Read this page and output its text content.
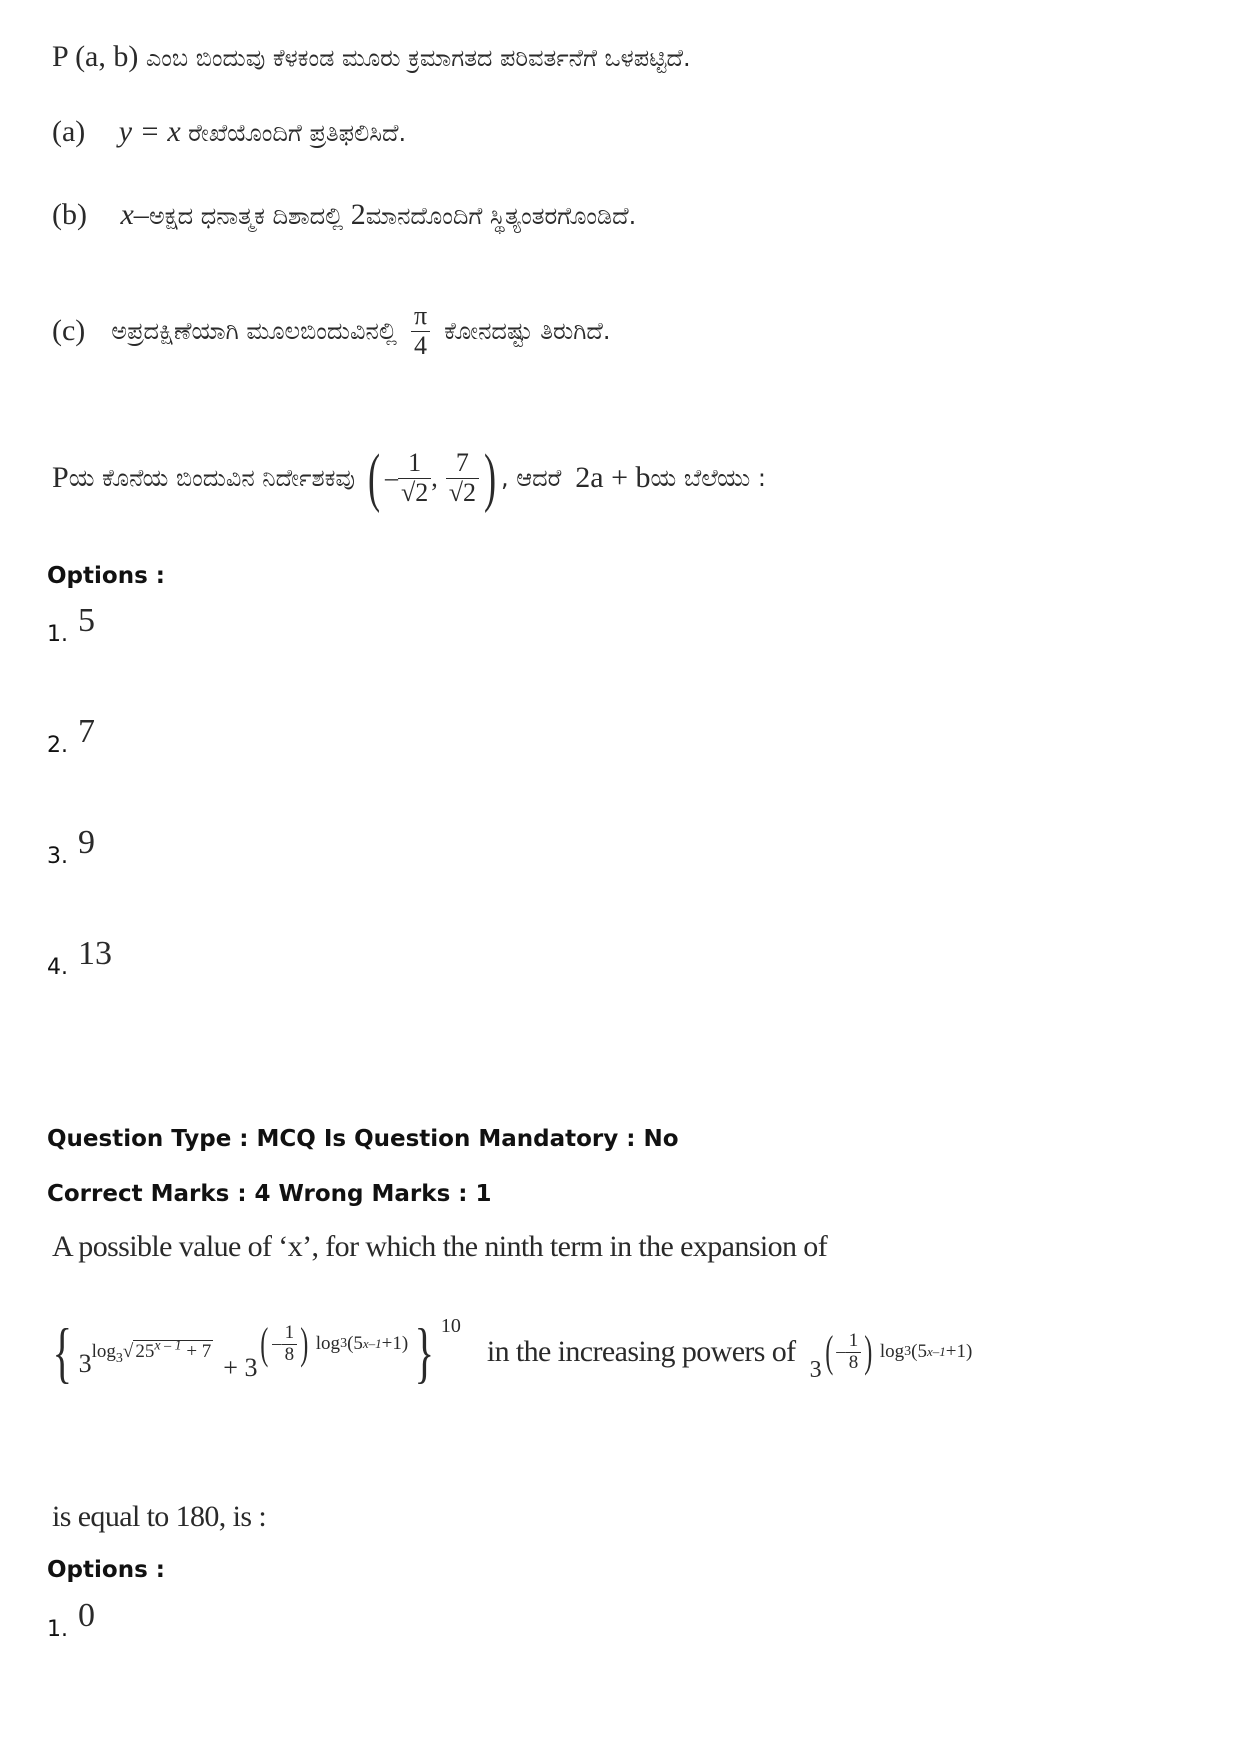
P (a, b) ಎಂಬ ಬಿಂದುವು ಕೆಳಕಂಡ ಮೂರು ಕ್ರಮಾಗತದ ಪರಿವರ್ತನೆಗೆ ಒಳಪಟ್ಟಿದೆ.
(a) y = x ರೇಖೆಯೊಂದಿಗೆ ಪ್ರತಿಫಲಿಸಿದೆ.
(b) x–ಅಕ್ಷದ ಧನಾತ್ಮಕ ದಿಶಾದಲ್ಲಿ 2ಮಾನದೊಂದಿಗೆ ಸ್ಥಿತ್ಯಂತರಗೊಂಡಿದೆ.
(c) ಅಪ್ರದಕ್ಷಿಣೆಯಾಗಿ ಮೂಲಬಿಂದುವಿನಲ್ಲಿ $\frac{\pi}{4}$ ಕೋನದಷ್ಟು ತಿರುಗಿದೆ.
P ಯ ಕೊನೆಯ ಬಿಂದುವಿನ ನಿರ್ದೇಶಕವು ( – $\frac{1}{√2}$ , $\frac{7}{√2}$ ) , ಆದರೆ 2a + b ಯ ಬೆಲೆಯು :
Options :
1. 5
2. 7
3. 9
4. 13
Question Type : MCQ Is Question Mandatory : No
Correct Marks : 4 Wrong Marks : 1
A possible value of ‘x’, for which the ninth term in the expansion of
{ $3^{log_3√ 25^{x - 1} + 7}$
+ 3 ( – $\frac{1}{8}$ ) log 3 (5 x–1 +1) } $^{10}$
in the increasing powers of
3 ( – $\frac{1}{8}$ ) log 3 (5 x–1 +1)
is equal to 180, is :
Options :
1. 0
